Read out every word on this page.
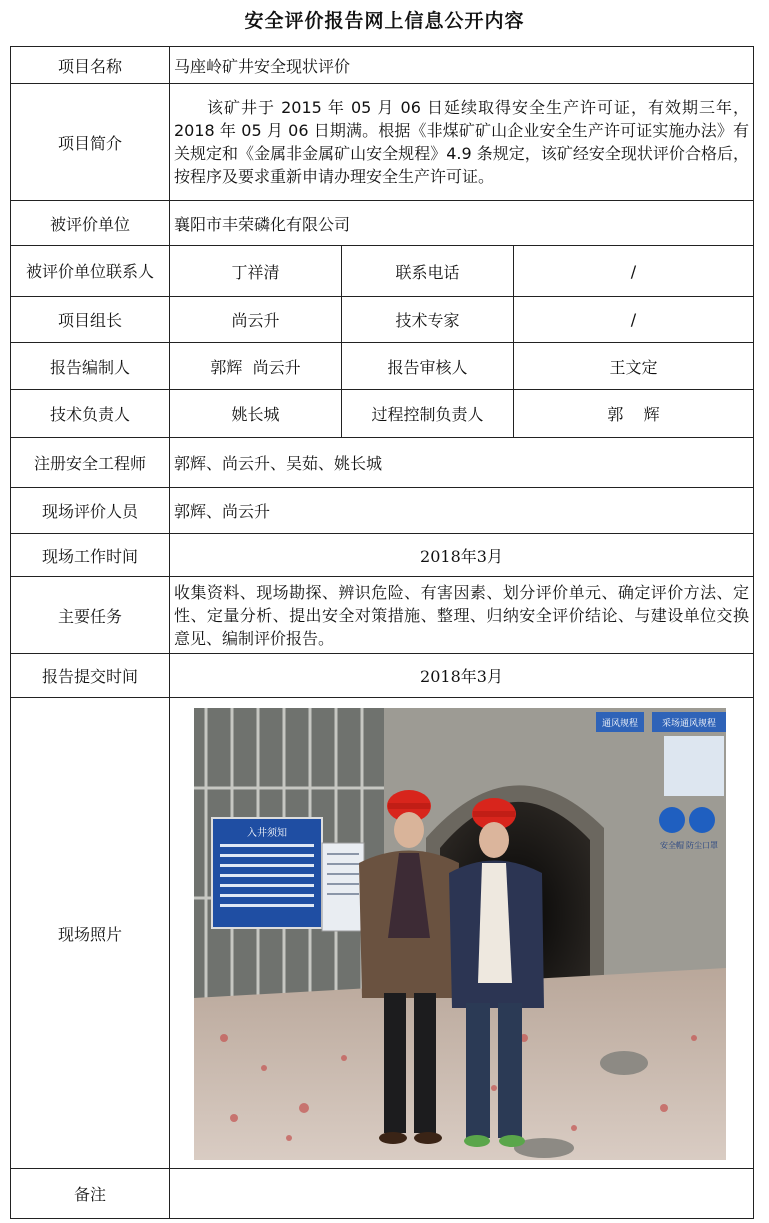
安全评价报告网上信息公开内容
项目名称	马座岭矿井安全现状评价		
项目简介	该矿井于 2015 年 05 月 06 日延续取得安全生产许可证，有效期三年，2018 年 05 月 06 日期满。根据《非煤矿矿山企业安全生产许可证实施办法》有关规定和《金属非金属矿山安全规程》4.9 条规定，该矿经安全现状评价合格后，按程序及要求重新申请办理安全生产许可证。		
被评价单位	襄阳市丰荣磷化有限公司		
被评价单位联系人	丁祥清	联系电话	/
项目组长	尚云升	技术专家	/
报告编制人	郭辉  尚云升	报告审核人	王文定
技术负责人	姚长城	过程控制负责人	郭    辉
注册安全工程师	郭辉、尚云升、吴茹、姚长城		
现场评价人员	郭辉、尚云升		
现场工作时间	2018年3月		
主要任务	收集资料、现场勘探、辨识危险、有害因素、划分评价单元、确定评价方法、定性、定量分析、提出安全对策措施、整理、归纳安全评价结论、与建设单位交换意见、编制评价报告。		
报告提交时间	2018年3月		
现场照片	入井须知
通风规程 采场通风规程
安全帽 防尘口罩		

备注			
